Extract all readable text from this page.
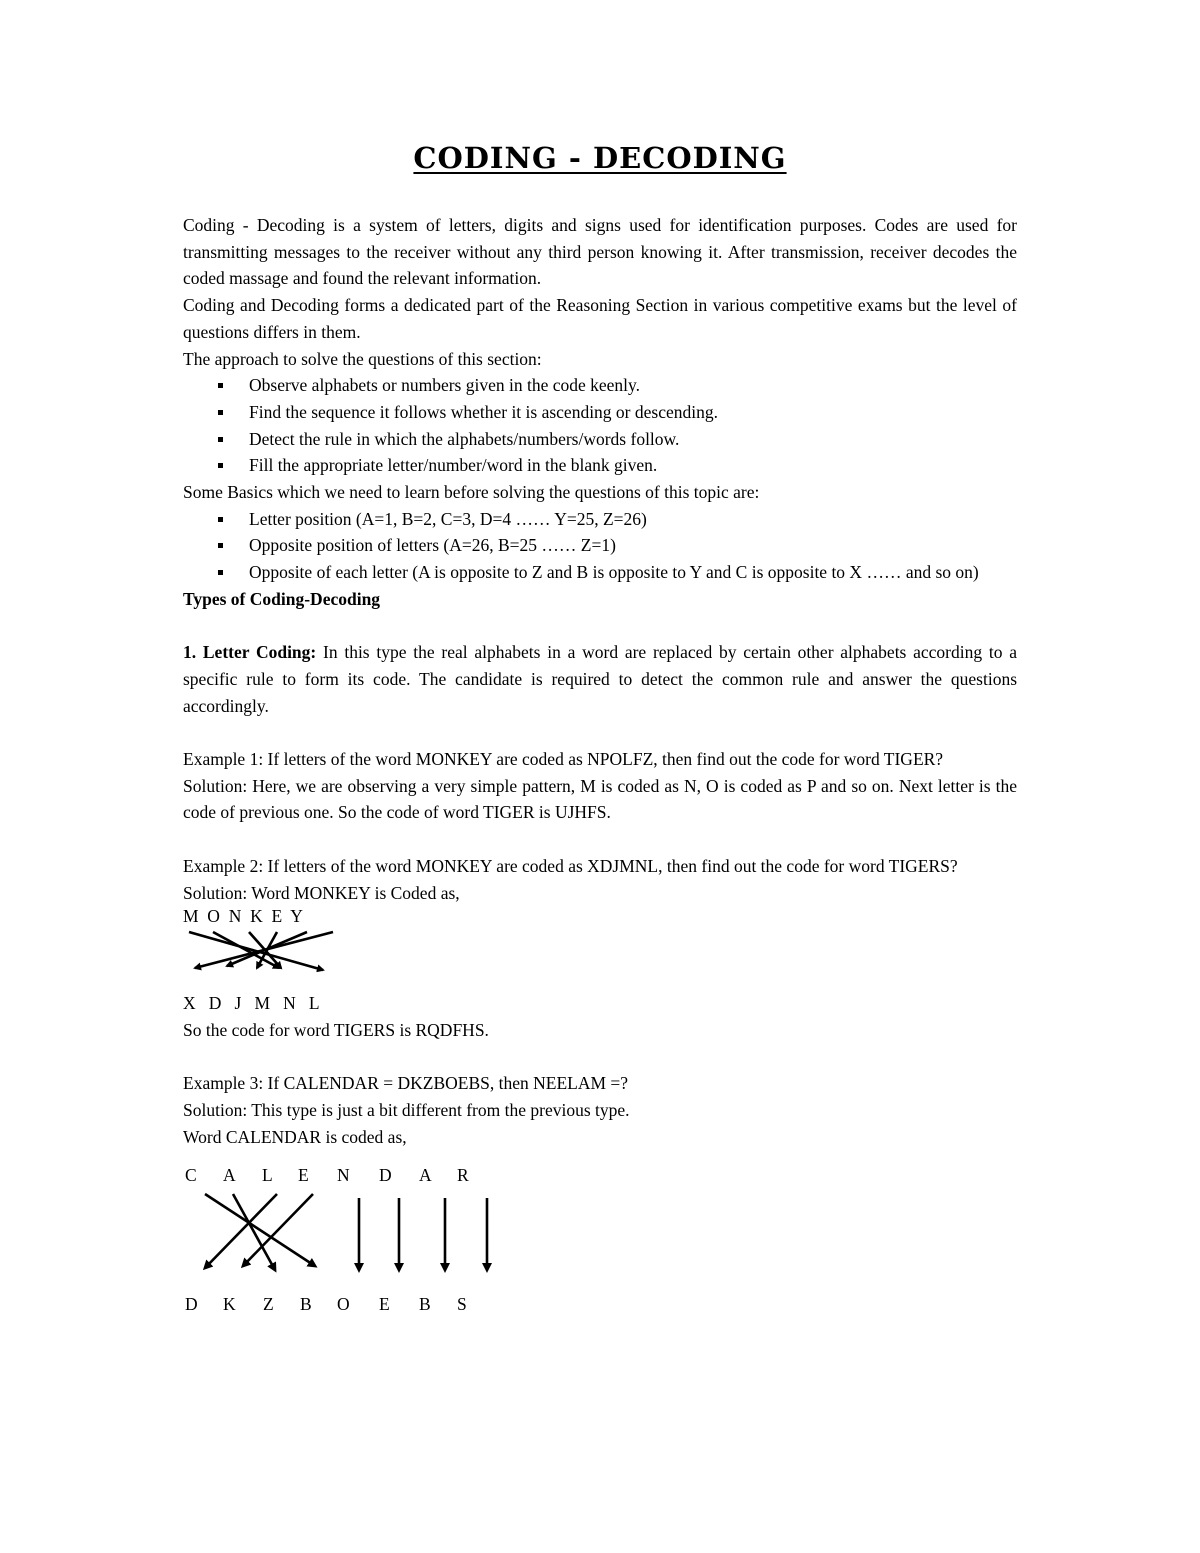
CODING - DECODING

Coding - Decoding is a system of letters, digits and signs used for identification purposes. Codes are used for transmitting messages to the receiver without any third person knowing it. After transmission, receiver decodes the coded massage and found the relevant information.

Coding and Decoding forms a dedicated part of the Reasoning Section in various competitive exams but the level of questions differs in them.

The approach to solve the questions of this section:

Observe alphabets or numbers given in the code keenly.
Find the sequence it follows whether it is ascending or descending.
Detect the rule in which the alphabets/numbers/words follow.
Fill the appropriate letter/number/word in the blank given.

Some Basics which we need to learn before solving the questions of this topic are:

Letter position (A=1, B=2, C=3, D=4 …… Y=25, Z=26)
Opposite position of letters (A=26, B=25 …… Z=1)
Opposite of each letter (A is opposite to Z and B is opposite to Y and C is opposite to X …… and so on)

Types of Coding-Decoding

1. Letter Coding: In this type the real alphabets in a word are replaced by certain other alphabets according to a specific rule to form its code. The candidate is required to detect the common rule and answer the questions accordingly.

Example 1: If letters of the word MONKEY are coded as NPOLFZ, then find out the code for word TIGER?

Solution: Here, we are observing a very simple pattern, M is coded as N, O is coded as P and so on. Next letter is the code of previous one. So the code of word TIGER is UJHFS.

Example 2: If letters of the word MONKEY are coded as XDJMNL, then find out the code for word TIGERS?

Solution: Word MONKEY is Coded as,

M  O  N  K  E  Y

X   D   J   M   N   L

So the code for word TIGERS is RQDFHS.

Example 3: If CALENDAR = DKZBOEBS, then NEELAM =?

Solution: This type is just a bit different from the previous type.

Word CALENDAR is coded as,

C A L E N D A R
D K Z B O E B S
